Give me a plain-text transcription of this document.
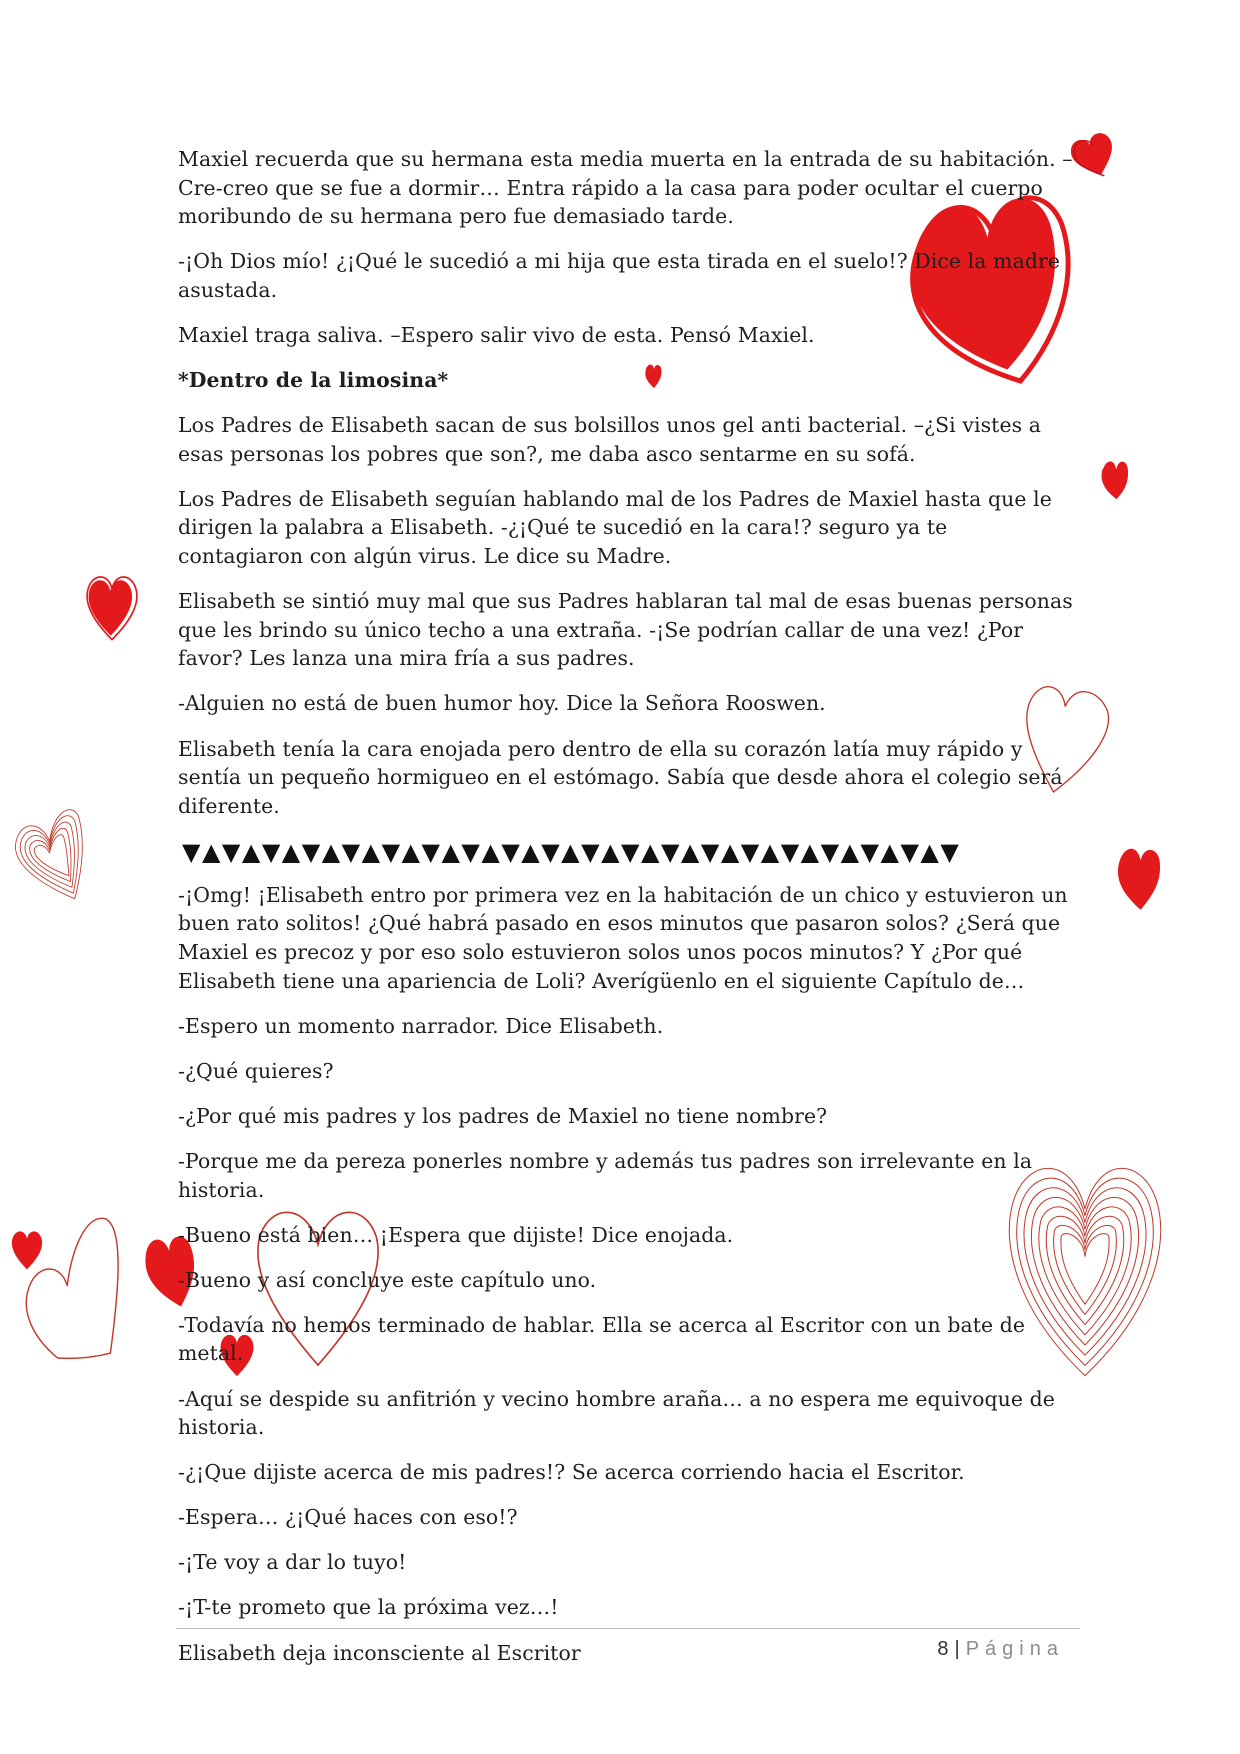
Maxiel recuerda que su hermana esta media muerta en la entrada de su habitación. –Cre-creo que se fue a dormir… Entra rápido a la casa para poder ocultar el cuerpo moribundo de su hermana pero fue demasiado tarde.

-¡Oh Dios mío! ¿¡Qué le sucedió a mi hija que esta tirada en el suelo!? Dice la madre asustada.

Maxiel traga saliva. –Espero salir vivo de esta. Pensó Maxiel.

*Dentro de la limosina*

Los Padres de Elisabeth sacan de sus bolsillos unos gel anti bacterial. –¿Si vistes a esas personas los pobres que son?, me daba asco sentarme en su sofá.

Los Padres de Elisabeth seguían hablando mal de los Padres de Maxiel hasta que le dirigen la palabra a Elisabeth. -¿¡Qué te sucedió en la cara!? seguro ya te contagiaron con algún virus. Le dice su Madre.

Elisabeth se sintió muy mal que sus Padres hablaran tal mal de esas buenas personas que les brindo su único techo a una extraña. -¡Se podrían callar de una vez! ¿Por favor? Les lanza una mira fría a sus padres.

-Alguien no está de buen humor hoy. Dice la Señora Rooswen.

Elisabeth tenía la cara enojada pero dentro de ella su corazón latía muy rápido y sentía un pequeño hormigueo en el estómago. Sabía que desde ahora el colegio será diferente.

▼▲▼▲▼▲▼▲▼▲▼▲▼▲▼▲▼▲▼▲▼▲▼▲▼▲▼▲▼▲▼▲▼▲▼▲▼▲▼

-¡Omg! ¡Elisabeth entro por primera vez en la habitación de un chico y estuvieron un buen rato solitos! ¿Qué habrá pasado en esos minutos que pasaron solos? ¿Será que Maxiel es precoz y por eso solo estuvieron solos unos pocos minutos? Y ¿Por qué Elisabeth tiene una apariencia de Loli? Averígüenlo en el siguiente Capítulo de…

-Espero un momento narrador. Dice Elisabeth.

-¿Qué quieres?

-¿Por qué mis padres y los padres de Maxiel no tiene nombre?

-Porque me da pereza ponerles nombre y además tus padres son irrelevante en la historia.

-Bueno está bien… ¡Espera que dijiste! Dice enojada.

-Bueno y así concluye este capítulo uno.

-Todavía no hemos terminado de hablar. Ella se acerca al Escritor con un bate de metal.

-Aquí se despide su anfitrión y vecino hombre araña… a no espera me equivoque de historia.

-¿¡Que dijiste acerca de mis padres!? Se acerca corriendo hacia el Escritor.

-Espera… ¿¡Qué haces con eso!?

-¡Te voy a dar lo tuyo!

-¡T-te prometo que la próxima vez…!

Elisabeth deja inconsciente al Escritor	8 | Página
